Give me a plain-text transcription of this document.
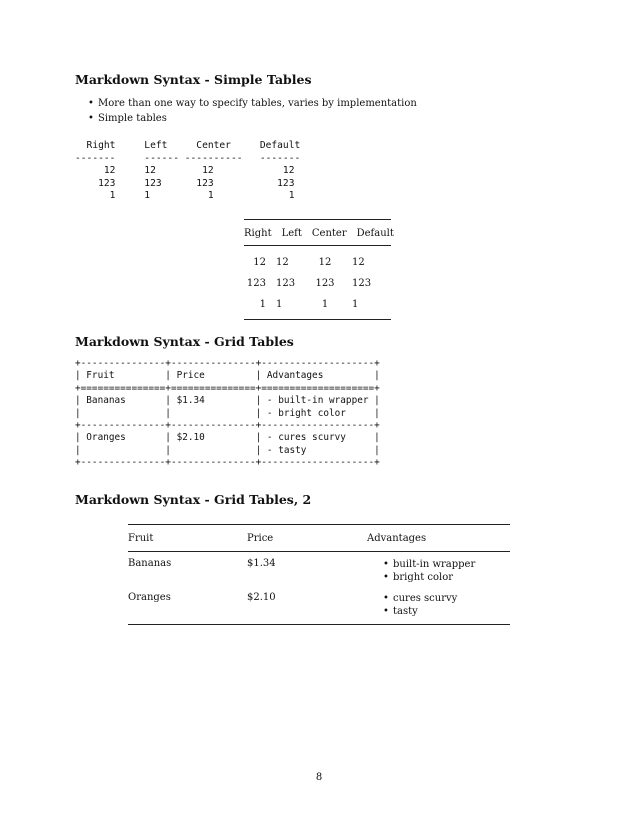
Markdown Syntax - Simple Tables
• More than one way to specify tables, varies by implementation
• Simple tables
Right     Left     Center     Default
-------     ------ ----------   -------
12     12        12            12
123     123      123           123
1     1          1             1
Right	Left	Center	Default
12	12	12	12
123	123	123	123
1	1	1	1
Markdown Syntax - Grid Tables
+---------------+---------------+--------------------+
| Fruit         | Price         | Advantages         |
+===============+===============+====================+
| Bananas       | $1.34         | - built-in wrapper |
|               |               | - bright color     |
+---------------+---------------+--------------------+
| Oranges       | $2.10         | - cures scurvy     |
|               |               | - tasty            |
+---------------+---------------+--------------------+
Markdown Syntax - Grid Tables, 2
Fruit	Price	Advantages
Bananas	$1.34	• built-in wrapper
• bright color
Oranges	$2.10	• cures scurvy
• tasty
8
